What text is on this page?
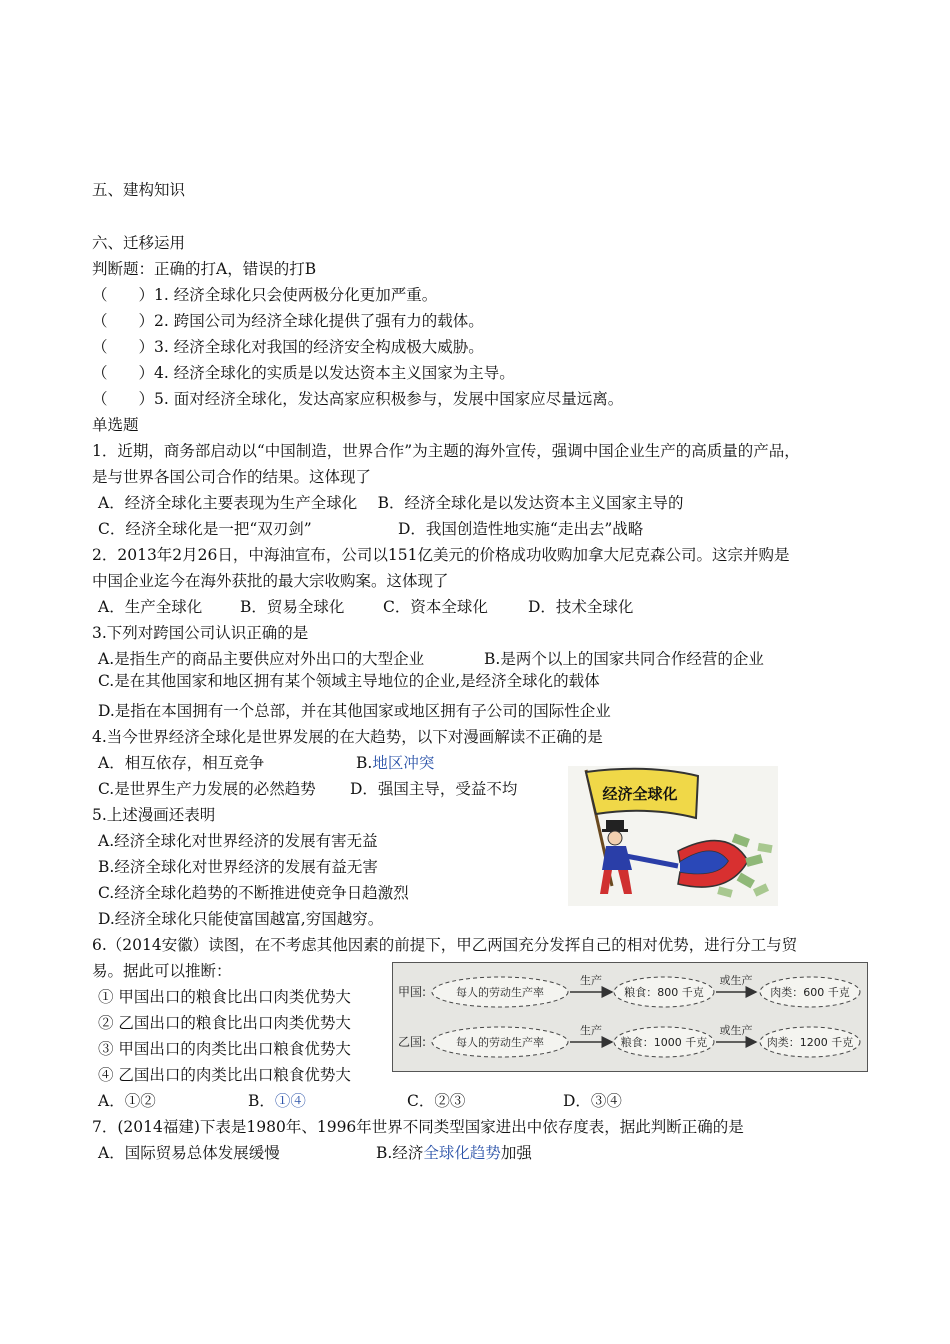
五、建构知识
六、迁移运用
判断题：正确的打A，错误的打B
（　　）1. 经济全球化只会使两极分化更加严重。
（　　）2. 跨国公司为经济全球化提供了强有力的载体。
（　　）3. 经济全球化对我国的经济安全构成极大威胁。
（　　）4. 经济全球化的实质是以发达资本主义国家为主导。
（　　）5. 面对经济全球化，发达高家应积极参与，发展中国家应尽量远离。
单选题
1．近期，商务部启动以“中国制造，世界合作”为主题的海外宣传，强调中国企业生产的高质量的产品，
是与世界各国公司合作的结果。这体现了
A．经济全球化主要表现为生产全球化　 B．经济全球化是以发达资本主义国家主导的
C．经济全球化是一把“双刃剑”	D．我国创造性地实施“走出去”战略
2．2013年2月26日，中海油宣布，公司以151亿美元的价格成功收购加拿大尼克森公司。这宗并购是
中国企业迄今在海外获批的最大宗收购案。这体现了
A．生产全球化 B．贸易全球化 C．资本全球化	D．技术全球化
3.下列对跨国公司认识正确的是
A.是指生产的商品主要供应对外出口的大型企业	B.是两个以上的国家共同合作经营的企业
C.是在其他国家和地区拥有某个领域主导地位的企业,是经济全球化的载体
D.是指在本国拥有一个总部，并在其他国家或地区拥有子公司的国际性企业
4.当今世界经济全球化是世界发展的在大趋势，以下对漫画解读不正确的是
A．相互依存，相互竞争	B.地区冲突
C.是世界生产力发展的必然趋势 D．强国主导，受益不均	经济全球化
5.上述漫画还表明
A.经济全球化对世界经济的发展有害无益
B.经济全球化对世界经济的发展有益无害
C.经济全球化趋势的不断推进使竞争日趋激烈
D.经济全球化只能使富国越富,穷国越穷。
6.（2014安徽）读图，在不考虑其他因素的前提下，甲乙两国充分发挥自己的相对优势，进行分工与贸
易。据此可以推断：
① 甲国出口的粮食比出口肉类优势大
② 乙国出口的粮食比出口肉类优势大
③ 甲国出口的肉类比出口粮食优势大
④ 乙国出口的肉类比出口粮食优势大
A．①②	B．①④	C．②③	D．③④
甲国:	每人的劳动生产率
生产
粮食：800 千克
或生产
肉类：600 千克
乙国:	每人的劳动生产率
生产
粮食：1000 千克
或生产
肉类：1200 千克
7．(2014福建)下表是1980年、1996年世界不同类型国家进出中依存度表，据此判断正确的是
A．国际贸易总体发展缓慢	B.经济全球化趋势加强
